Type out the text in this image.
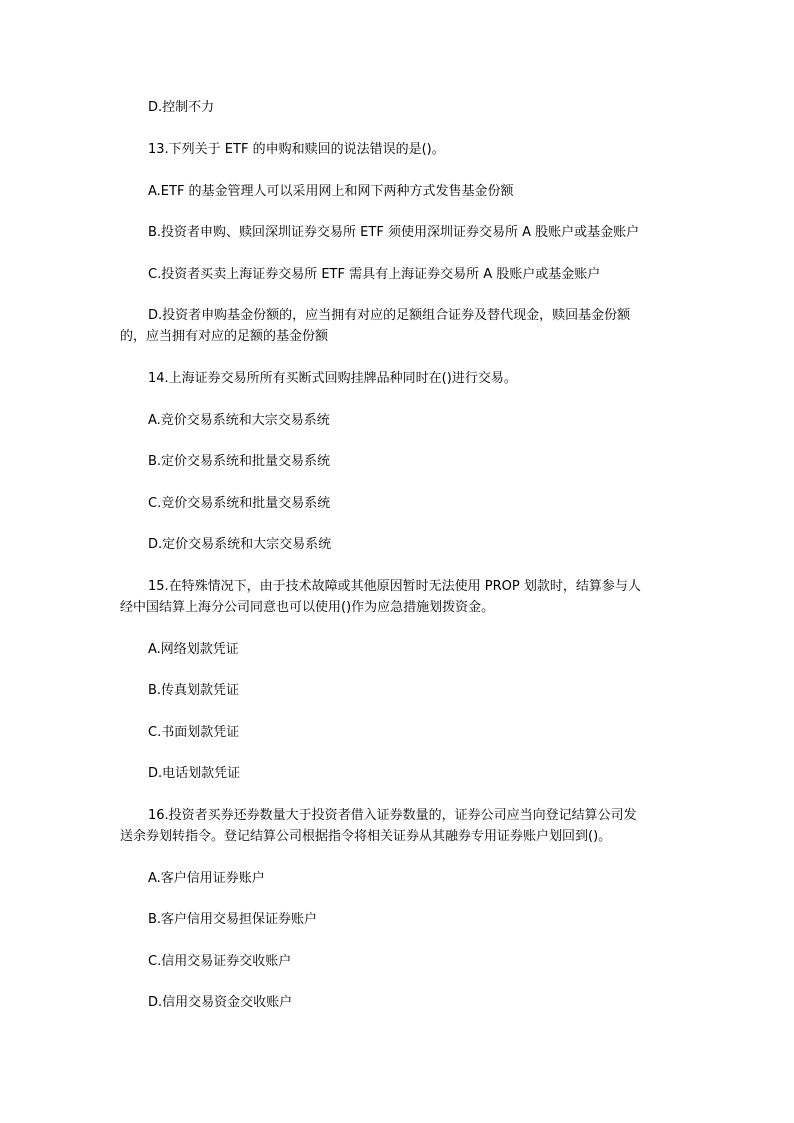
D.控制不力
13.下列关于 ETF 的申购和赎回的说法错误的是()。
A.ETF 的基金管理人可以采用网上和网下两种方式发售基金份额
B.投资者申购、赎回深圳证券交易所 ETF 须使用深圳证券交易所 A 股账户或基金账户
C.投资者买卖上海证券交易所 ETF 需具有上海证券交易所 A 股账户或基金账户
D.投资者申购基金份额的，应当拥有对应的足额组合证券及替代现金，赎回基金份额
的，应当拥有对应的足额的基金份额
14.上海证券交易所所有买断式回购挂牌品种同时在()进行交易。
A.竞价交易系统和大宗交易系统
B.定价交易系统和批量交易系统
C.竞价交易系统和批量交易系统
D.定价交易系统和大宗交易系统
15.在特殊情况下，由于技术故障或其他原因暂时无法使用 PROP 划款时，结算参与人
经中国结算上海分公司同意也可以使用()作为应急措施划拨资金。
A.网络划款凭证
B.传真划款凭证
C.书面划款凭证
D.电话划款凭证
16.投资者买券还券数量大于投资者借入证券数量的，证券公司应当向登记结算公司发
送余券划转指令。登记结算公司根据指令将相关证券从其融券专用证券账户划回到()。
A.客户信用证券账户
B.客户信用交易担保证券账户
C.信用交易证券交收账户
D.信用交易资金交收账户
